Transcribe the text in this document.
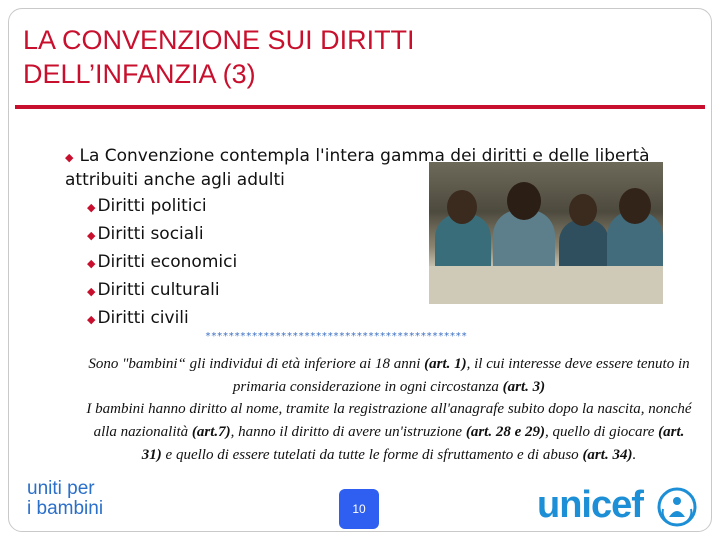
LA CONVENZIONE SUI DIRITTI
DELL’INFANZIA (3)

◆ La Convenzione contempla l'intera gamma dei diritti e delle libertà attribuiti anche agli adulti

◆ Diritti politici
◆ Diritti sociali
◆ Diritti economici
◆ Diritti culturali
◆ Diritti civili
*********************************************

Sono "bambini“ gli individui di età inferiore ai 18 anni (art. 1), il cui interesse deve essere tenuto in primaria considerazione in ogni circostanza (art. 3)

I bambini hanno diritto al nome, tramite la registrazione all'anagrafe subito dopo la nascita, nonché alla nazionalità (art.7), hanno il diritto di avere un'istruzione (art. 28 e 29), quello di giocare (art. 31) e quello di essere tutelati da tutte le forme di sfruttamento e di abuso (art. 34).

uniti per
i bambini	10	unicef
